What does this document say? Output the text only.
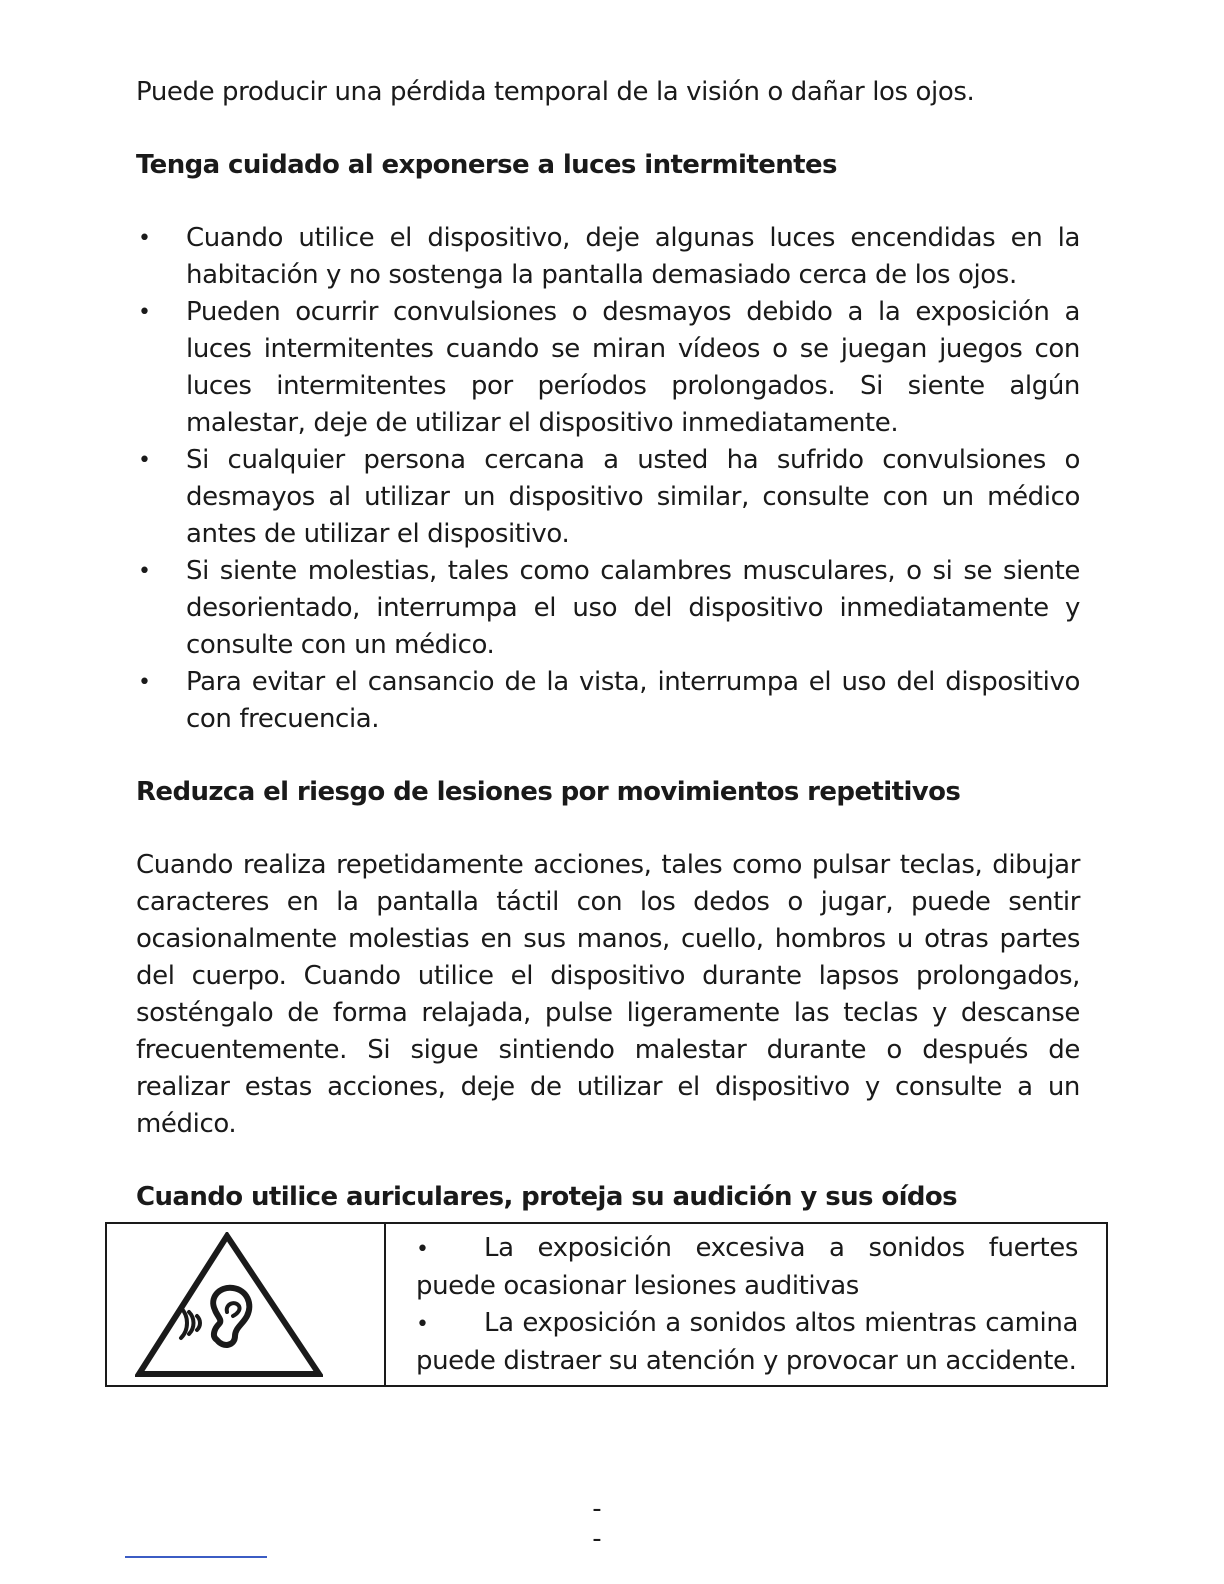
Puede producir una pérdida temporal de la visión o dañar los ojos.

Tenga cuidado al exponerse a luces intermitentes
• Cuando utilice el dispositivo, deje algunas luces encendidas en la habitación y no sostenga la pantalla demasiado cerca de los ojos.
• Pueden ocurrir convulsiones o desmayos debido a la exposición a luces intermitentes cuando se miran vídeos o se juegan juegos con luces intermitentes por períodos prolongados. Si siente algún malestar, deje de utilizar el dispositivo inmediatamente.
• Si cualquier persona cercana a usted ha sufrido convulsiones o desmayos al utilizar un dispositivo similar, consulte con un médico antes de utilizar el dispositivo.
• Si siente molestias, tales como calambres musculares, o si se siente desorientado, interrumpa el uso del dispositivo inmediatamente y consulte con un médico.
• Para evitar el cansancio de la vista, interrumpa el uso del dispositivo con frecuencia.
Reduzca el riesgo de lesiones por movimientos repetitivos

Cuando realiza repetidamente acciones, tales como pulsar teclas, dibujar caracteres en la pantalla táctil con los dedos o jugar, puede sentir ocasionalmente molestias en sus manos, cuello, hombros u otras partes del cuerpo. Cuando utilice el dispositivo durante lapsos prolongados, sosténgalo de forma relajada, pulse ligeramente las teclas y descanse frecuentemente. Si sigue sintiendo malestar durante o después de realizar estas acciones, deje de utilizar el dispositivo y consulte a un médico.

Cuando utilice auriculares, proteja su audición y sus oídos

• La exposición excesiva a sonidos fuertes puede ocasionar lesiones auditivas

• La exposición a sonidos altos mientras camina puede distraer su atención y provocar un accidente.

- -
